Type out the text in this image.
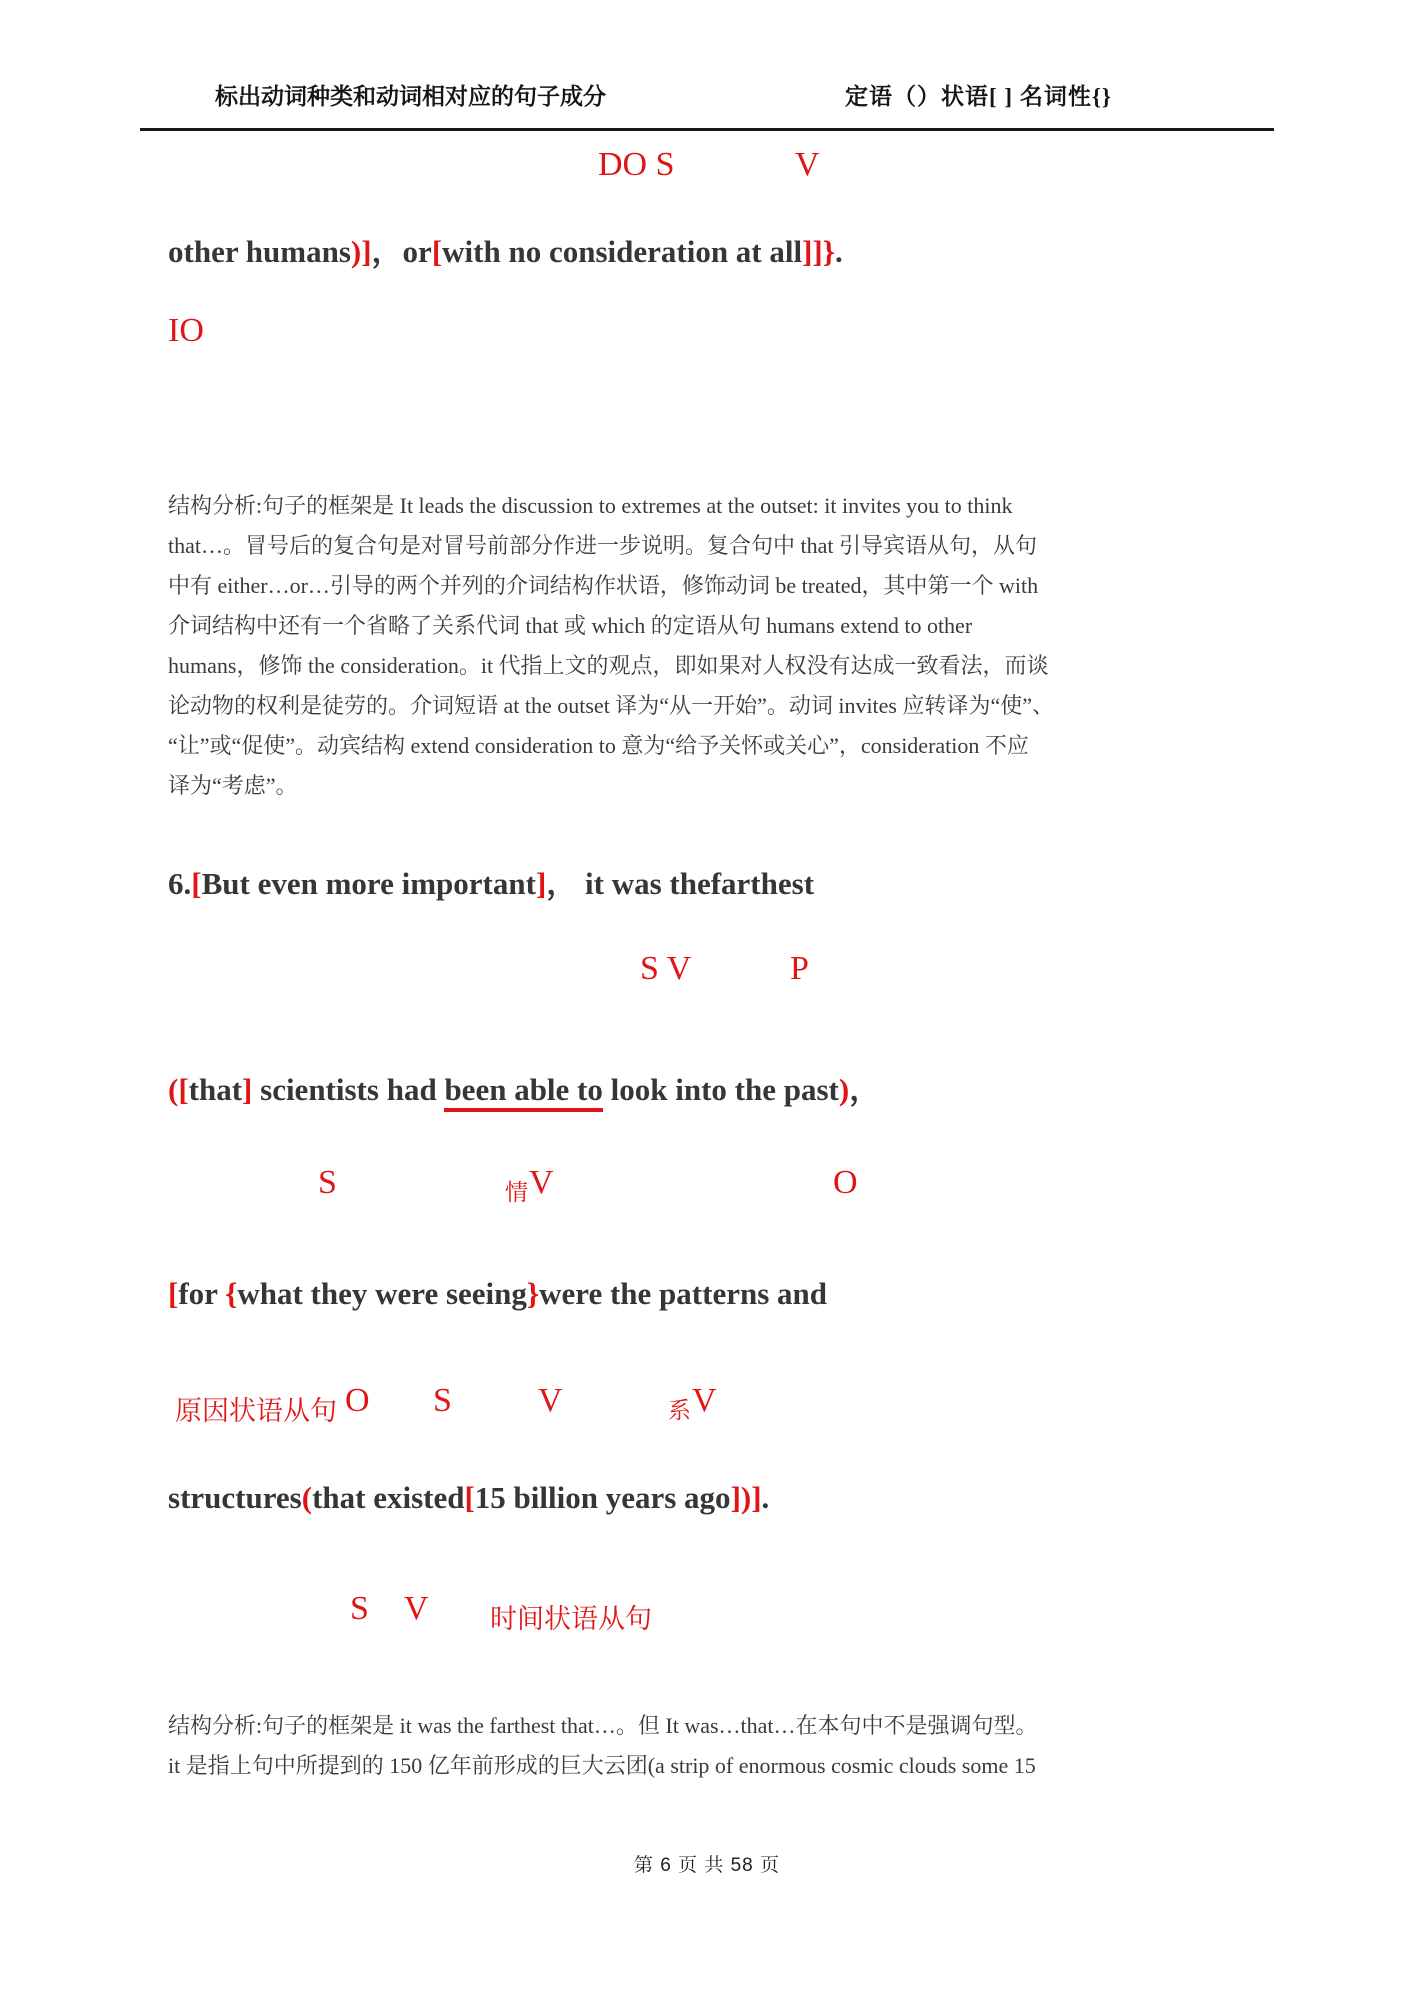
标出动词种类和动词相对应的句子成分	定语（）状语[ ] 名词性{}
DO S	V
other humans)]，or[with no consideration at all]]}.
IO
结构分析:句子的框架是 It leads the discussion to extremes at the outset: it invites you to think
that…。冒号后的复合句是对冒号前部分作进一步说明。复合句中 that 引导宾语从句，从句
中有 either…or…引导的两个并列的介词结构作状语，修饰动词 be treated，其中第一个 with
介词结构中还有一个省略了关系代词 that 或 which 的定语从句 humans extend to other
humans，修饰 the consideration。it 代指上文的观点，即如果对人权没有达成一致看法，而谈
论动物的权利是徒劳的。介词短语 at the outset 译为“从一开始”。动词 invites 应转译为“使”、
“让”或“促使”。动宾结构 extend consideration to 意为“给予关怀或关心”，consideration 不应
译为“考虑”。
6.[But even more important]， it was thefarthest
S V	P
([that] scientists had been able to look into the past)，
S	情 V	O
[for {what they were seeing}were the patterns and
原因状语从句 O S	V	系 V
structures(that existed[15 billion years ago])].
S V 时间状语从句
结构分析:句子的框架是 it was the farthest that…。但 It was…that…在本句中不是强调句型。
it 是指上句中所提到的 150 亿年前形成的巨大云团(a strip of enormous cosmic clouds some 15
第 6 页 共 58 页
